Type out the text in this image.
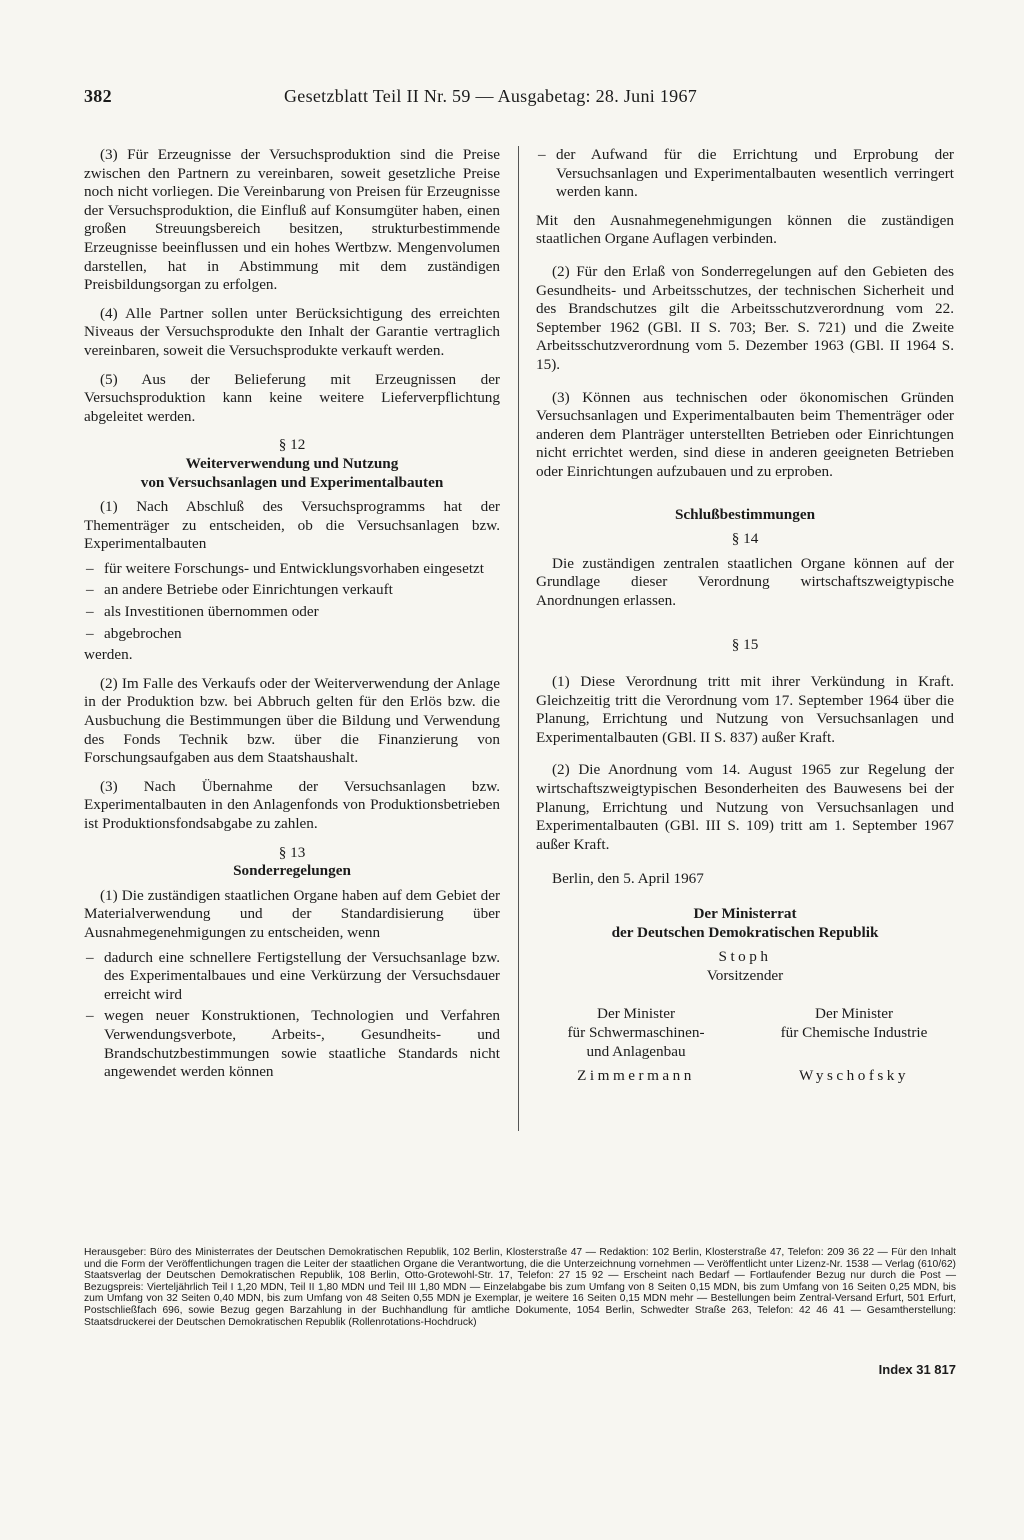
382	Gesetzblatt Teil II Nr. 59 — Ausgabetag: 28. Juni 1967

(3) Für Erzeugnisse der Versuchsproduktion sind die Preise zwischen den Partnern zu vereinbaren, soweit gesetzliche Preise noch nicht vorliegen. Die Vereinbarung von Preisen für Erzeugnisse der Versuchsproduktion, die Einfluß auf Konsumgüter haben, einen großen Streuungsbereich besitzen, strukturbestimmende Erzeugnisse beeinflussen und ein hohes Wertbzw. Mengenvolumen darstellen, hat in Abstimmung mit dem zuständigen Preisbildungsorgan zu erfolgen.

(4) Alle Partner sollen unter Berücksichtigung des erreichten Niveaus der Versuchsprodukte den Inhalt der Garantie vertraglich vereinbaren, soweit die Versuchsprodukte verkauft werden.

(5) Aus der Belieferung mit Erzeugnissen der Versuchsproduktion kann keine weitere Lieferverpflichtung abgeleitet werden.

§ 12
Weiterverwendung und Nutzung
von Versuchsanlagen und Experimentalbauten

(1) Nach Abschluß des Versuchsprogramms hat der Thementräger zu entscheiden, ob die Versuchsanlagen bzw. Experimentalbauten

– für weitere Forschungs- und Entwicklungsvorhaben eingesetzt
– an andere Betriebe oder Einrichtungen verkauft
– als Investitionen übernommen oder
– abgebrochen

werden.

(2) Im Falle des Verkaufs oder der Weiterverwendung der Anlage in der Produktion bzw. bei Abbruch gelten für den Erlös bzw. die Ausbuchung die Bestimmungen über die Bildung und Verwendung des Fonds Technik bzw. über die Finanzierung von Forschungsaufgaben aus dem Staatshaushalt.

(3) Nach Übernahme der Versuchsanlagen bzw. Experimentalbauten in den Anlagenfonds von Produktionsbetrieben ist Produktionsfondsabgabe zu zahlen.

§ 13
Sonderregelungen

(1) Die zuständigen staatlichen Organe haben auf dem Gebiet der Materialverwendung und der Standardisierung über Ausnahmegenehmigungen zu entscheiden, wenn

– dadurch eine schnellere Fertigstellung der Versuchsanlage bzw. des Experimentalbaues und eine Verkürzung der Versuchsdauer erreicht wird
– wegen neuer Konstruktionen, Technologien und Verfahren Verwendungsverbote, Arbeits-, Gesundheits- und Brandschutzbestimmungen sowie staatliche Standards nicht angewendet werden können
– der Aufwand für die Errichtung und Erprobung der Versuchsanlagen und Experimentalbauten wesentlich verringert werden kann.

Mit den Ausnahmegenehmigungen können die zuständigen staatlichen Organe Auflagen verbinden.

(2) Für den Erlaß von Sonderregelungen auf den Gebieten des Gesundheits- und Arbeitsschutzes, der technischen Sicherheit und des Brandschutzes gilt die Arbeitsschutzverordnung vom 22. September 1962 (GBl. II S. 703; Ber. S. 721) und die Zweite Arbeitsschutzverordnung vom 5. Dezember 1963 (GBl. II 1964 S. 15).

(3) Können aus technischen oder ökonomischen Gründen Versuchsanlagen und Experimentalbauten beim Thementräger oder anderen dem Planträger unterstellten Betrieben oder Einrichtungen nicht errichtet werden, sind diese in anderen geeigneten Betrieben oder Einrichtungen aufzubauen und zu erproben.

Schlußbestimmungen
§ 14

Die zuständigen zentralen staatlichen Organe können auf der Grundlage dieser Verordnung wirtschaftszweigtypische Anordnungen erlassen.

§ 15

(1) Diese Verordnung tritt mit ihrer Verkündung in Kraft. Gleichzeitig tritt die Verordnung vom 17. September 1964 über die Planung, Errichtung und Nutzung von Versuchsanlagen und Experimentalbauten (GBl. II S. 837) außer Kraft.

(2) Die Anordnung vom 14. August 1965 zur Regelung der wirtschaftszweigtypischen Besonderheiten des Bauwesens bei der Planung, Errichtung und Nutzung von Versuchsanlagen und Experimentalbauten (GBl. III S. 109) tritt am 1. September 1967 außer Kraft.

Berlin, den 5. April 1967

Der Ministerrat
der Deutschen Demokratischen Republik
Stoph
Vorsitzender
Der Minister
für Schwermaschinen-
und Anlagenbau
Zimmermann
Der Minister
für Chemische Industrie
Wyschofsky
Herausgeber: Büro des Ministerrates der Deutschen Demokratischen Republik, 102 Berlin, Klosterstraße 47 — Redaktion: 102 Berlin, Klosterstraße 47, Telefon: 209 36 22 — Für den Inhalt und die Form der Veröffentlichungen tragen die Leiter der staatlichen Organe die Verantwortung, die die Unterzeichnung vornehmen — Veröffentlicht unter Lizenz-Nr. 1538 — Verlag (610/62) Staatsverlag der Deutschen Demokratischen Republik, 108 Berlin, Otto-Grotewohl-Str. 17, Telefon: 27 15 92 — Erscheint nach Bedarf — Fortlaufender Bezug nur durch die Post — Bezugspreis: Vierteljährlich Teil I 1,20 MDN, Teil II 1,80 MDN und Teil III 1,80 MDN — Einzelabgabe bis zum Umfang von 8 Seiten 0,15 MDN, bis zum Umfang von 16 Seiten 0,25 MDN, bis zum Umfang von 32 Seiten 0,40 MDN, bis zum Umfang von 48 Seiten 0,55 MDN je Exemplar, je weitere 16 Seiten 0,15 MDN mehr — Bestellungen beim Zentral-Versand Erfurt, 501 Erfurt, Postschließfach 696, sowie Bezug gegen Barzahlung in der Buchhandlung für amtliche Dokumente, 1054 Berlin, Schwedter Straße 263, Telefon: 42 46 41 — Gesamtherstellung: Staatsdruckerei der Deutschen Demokratischen Republik (Rollenrotations-Hochdruck)
Index 31 817
